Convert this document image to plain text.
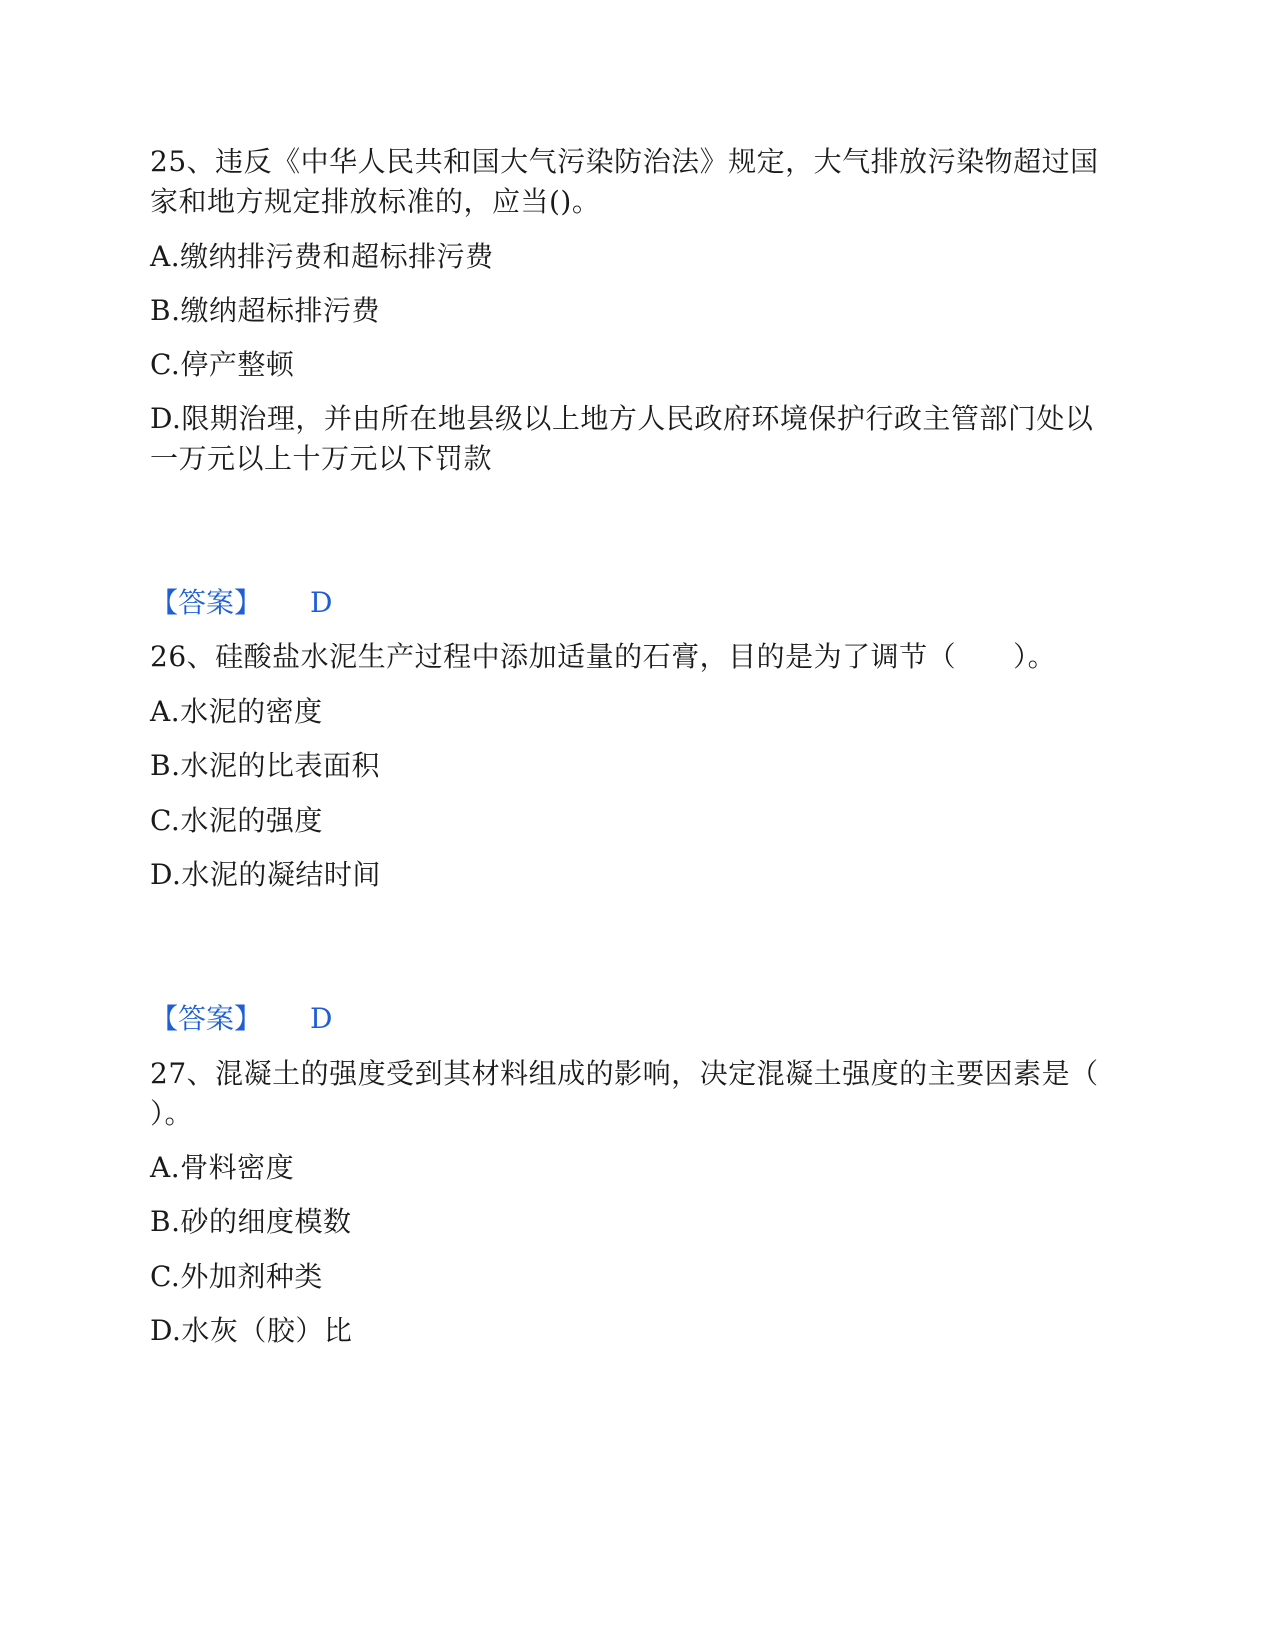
25、违反《中华人民共和国大气污染防治法》规定，大气排放污染物超过国
家和地方规定排放标准的，应当()。
A.缴纳排污费和超标排污费
B.缴纳超标排污费
C.停产整顿
D.限期治理，并由所在地县级以上地方人民政府环境保护行政主管部门处以
一万元以上十万元以下罚款
【答案】 D
26、硅酸盐水泥生产过程中添加适量的石膏，目的是为了调节（　　）。
A.水泥的密度
B.水泥的比表面积
C.水泥的强度
D.水泥的凝结时间
【答案】 D
27、混凝土的强度受到其材料组成的影响，决定混凝土强度的主要因素是（
）。
A.骨料密度
B.砂的细度模数
C.外加剂种类
D.水灰（胶）比
